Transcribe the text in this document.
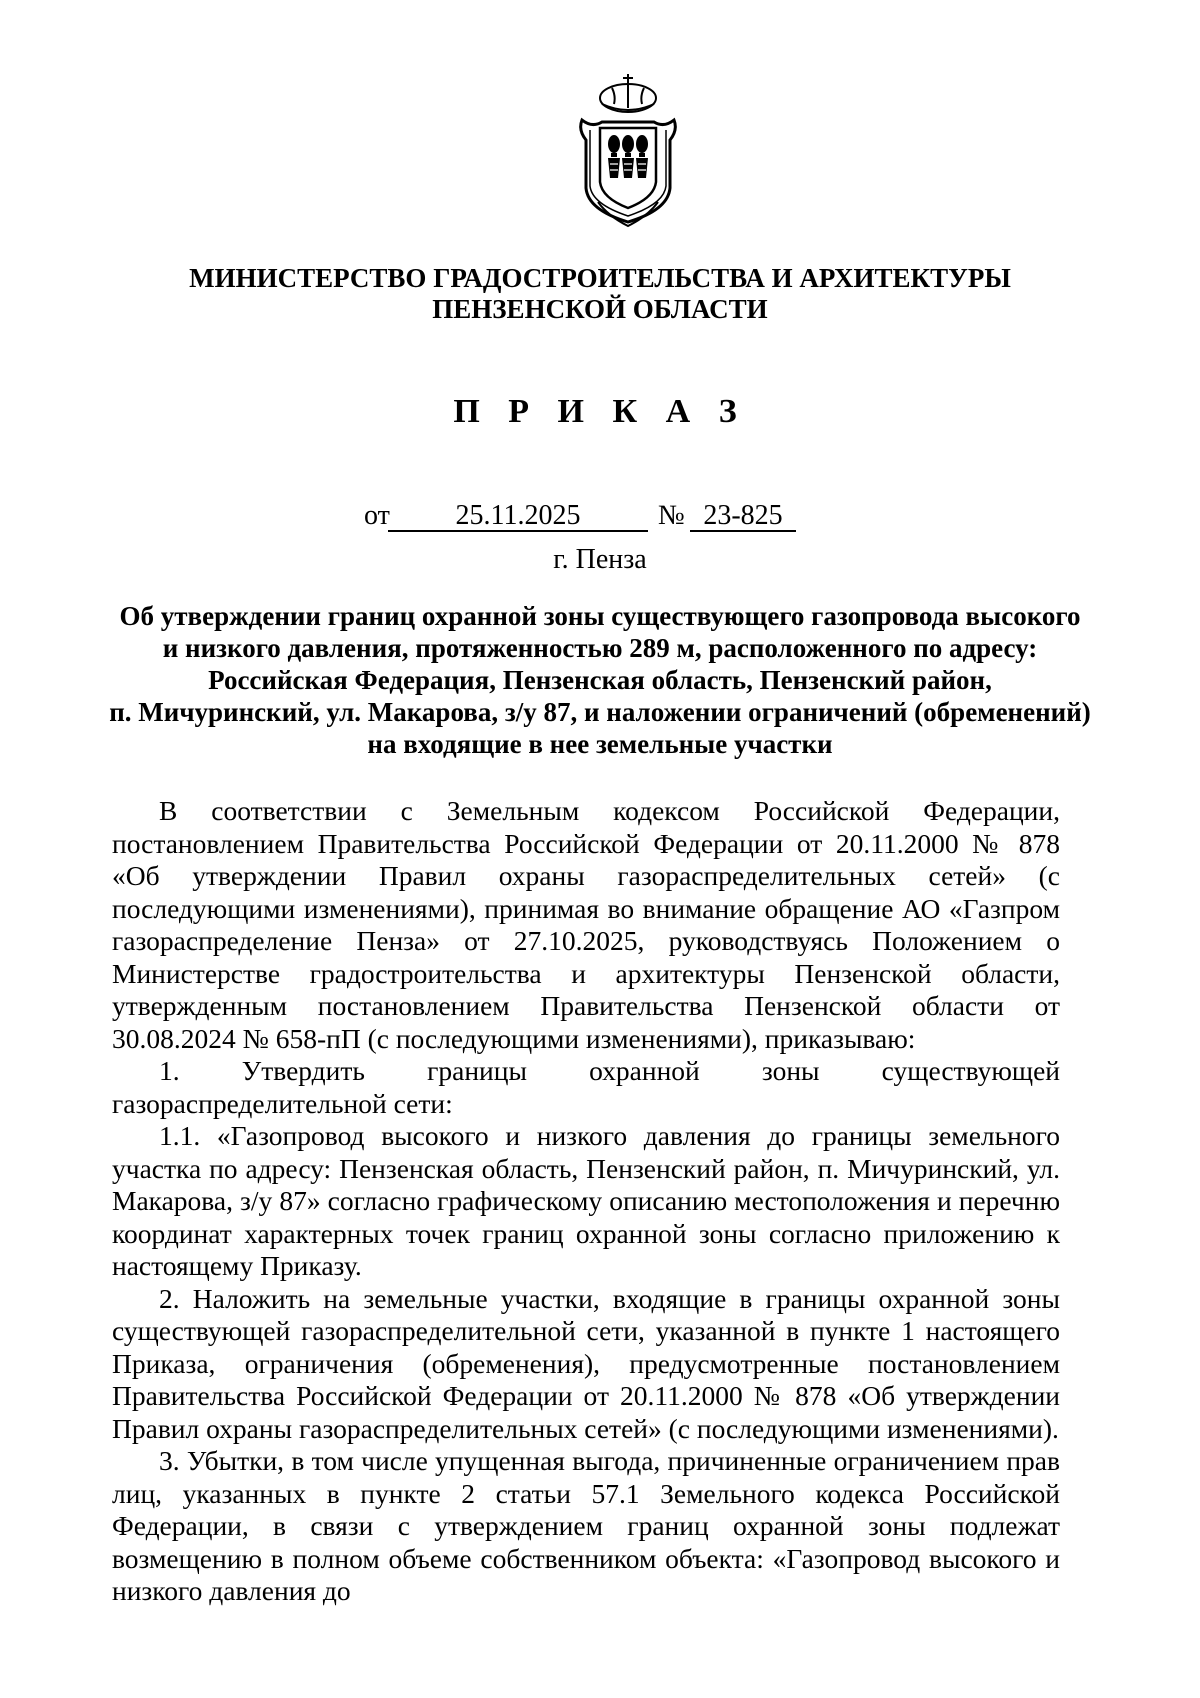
МИНИСТЕРСТВО ГРАДОСТРОИТЕЛЬСТВА И АРХИТЕКТУРЫ
ПЕНЗЕНСКОЙ ОБЛАСТИ
П Р И К А З
от	25.11.2025	№ 23-825
г. Пенза
Об утверждении границ охранной зоны существующего газопровода высокого
и низкого давления, протяженностью 289 м, расположенного по адресу:
Российская Федерация, Пензенская область, Пензенский район,
п. Мичуринский, ул. Макарова, з/у 87, и наложении ограничений (обременений)
на входящие в нее земельные участки

В соответствии с Земельным кодексом Российской Федерации, постановлением Правительства Российской Федерации от 20.11.2000 № 878 «Об утверждении Правил охраны газораспределительных сетей» (с последующими изменениями), принимая во внимание обращение АО «Газпром газораспределение Пенза» от 27.10.2025, руководствуясь Положением о Министерстве градостроительства и архитектуры Пензенской области, утвержденным постановлением Правительства Пензенской области от 30.08.2024 № 658-пП (с последующими изменениями), приказываю:

1. Утвердить границы охранной зоны существующей газораспределительной сети:

1.1. «Газопровод высокого и низкого давления до границы земельного участка по адресу: Пензенская область, Пензенский район, п. Мичуринский, ул. Макарова, з/у 87» согласно графическому описанию местоположения и перечню координат характерных точек границ охранной зоны согласно приложению к настоящему Приказу.

2. Наложить на земельные участки, входящие в границы охранной зоны существующей газораспределительной сети, указанной в пункте 1 настоящего Приказа, ограничения (обременения), предусмотренные постановлением Правительства Российской Федерации от 20.11.2000 № 878 «Об утверждении Правил охраны газораспределительных сетей» (с последующими изменениями).

3. Убытки, в том числе упущенная выгода, причиненные ограничением прав лиц, указанных в пункте 2 статьи 57.1 Земельного кодекса Российской Федерации, в связи с утверждением границ охранной зоны подлежат возмещению в полном объеме собственником объекта: «Газопровод высокого и низкого давления до
